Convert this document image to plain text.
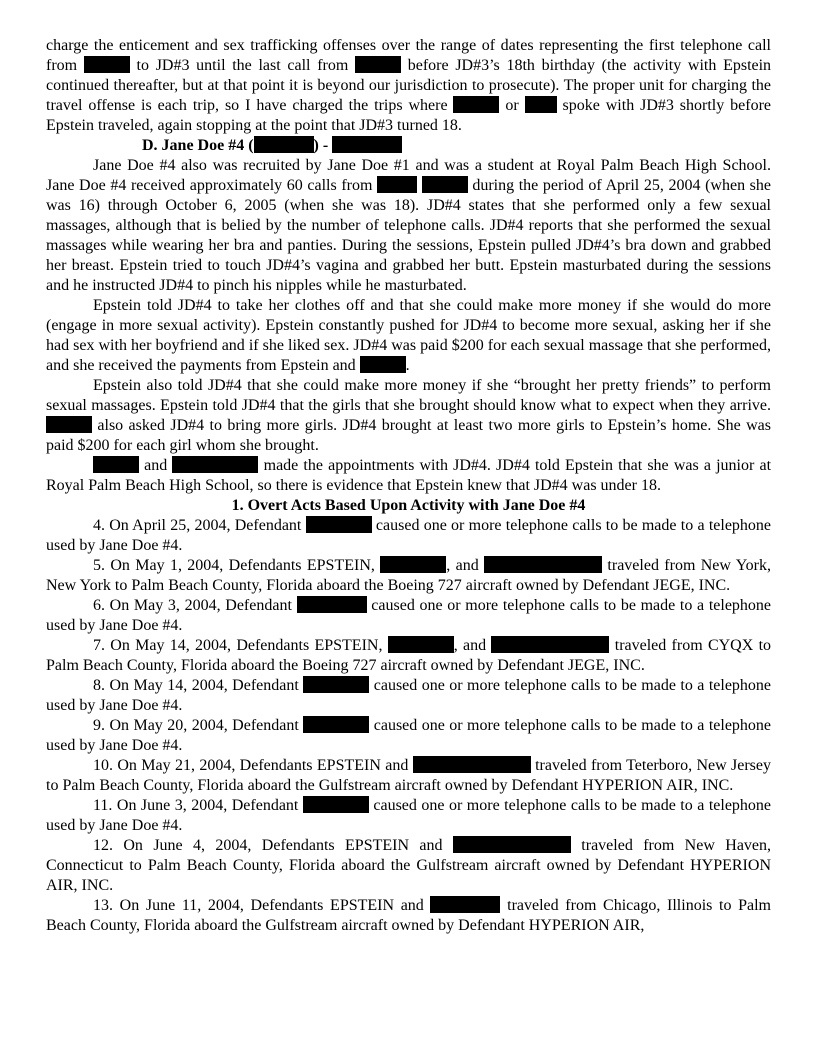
charge the enticement and sex trafficking offenses over the range of dates representing the first telephone call from	to JD#3 until the last call from	before JD#3’s 18th birthday (the activity with Epstein continued thereafter, but at that point it is beyond our jurisdiction to prosecute). The proper unit for charging the travel offense is each trip, so I have charged the trips where	or	spoke with JD#3 shortly before Epstein traveled, again stopping at the point that JD#3 turned 18.

D. Jane Doe #4 (	) -

Jane Doe #4 also was recruited by Jane Doe #1 and was a student at Royal Palm Beach High School. Jane Doe #4 received approximately 60 calls from	during the period of April 25, 2004 (when she was 16) through October 6, 2005 (when she was 18). JD#4 states that she performed only a few sexual massages, although that is belied by the number of telephone calls. JD#4 reports that she performed the sexual massages while wearing her bra and panties. During the sessions, Epstein pulled JD#4’s bra down and grabbed her breast. Epstein tried to touch JD#4’s vagina and grabbed her butt. Epstein masturbated during the sessions and he instructed JD#4 to pinch his nipples while he masturbated.

Epstein told JD#4 to take her clothes off and that she could make more money if she would do more (engage in more sexual activity). Epstein constantly pushed for JD#4 to become more sexual, asking her if she had sex with her boyfriend and if she liked sex. JD#4 was paid $200 for each sexual massage that she performed, and she received the payments from Epstein and	.

Epstein also told JD#4 that she could make more money if she “brought her pretty friends” to perform sexual massages. Epstein told JD#4 that the girls that she brought should know what to expect when they arrive.  also asked JD#4 to bring more girls. JD#4 brought at least two more girls to Epstein’s home. She was paid $200 for each girl whom she brought.

and	made the appointments with JD#4. JD#4 told Epstein that she was a junior at Royal Palm Beach High School, so there is evidence that Epstein knew that JD#4 was under 18.

1. Overt Acts Based Upon Activity with Jane Doe #4

4. On April 25, 2004, Defendant	caused one or more telephone calls to be made to a telephone used by Jane Doe #4.

5. On May 1, 2004, Defendants EPSTEIN,	, and	traveled from New York, New York to Palm Beach County, Florida aboard the Boeing 727 aircraft owned by Defendant JEGE, INC.

6. On May 3, 2004, Defendant	caused one or more telephone calls to be made to a telephone used by Jane Doe #4.

7. On May 14, 2004, Defendants EPSTEIN,	, and	traveled from CYQX to Palm Beach County, Florida aboard the Boeing 727 aircraft owned by Defendant JEGE, INC.

8. On May 14, 2004, Defendant	caused one or more telephone calls to be made to a telephone used by Jane Doe #4.

9. On May 20, 2004, Defendant	caused one or more telephone calls to be made to a telephone used by Jane Doe #4.

10. On May 21, 2004, Defendants EPSTEIN and	traveled from Teterboro, New Jersey to Palm Beach County, Florida aboard the Gulfstream aircraft owned by Defendant HYPERION AIR, INC.

11. On June 3, 2004, Defendant	caused one or more telephone calls to be made to a telephone used by Jane Doe #4.

12. On June 4, 2004, Defendants EPSTEIN and	traveled from New Haven, Connecticut to Palm Beach County, Florida aboard the Gulfstream aircraft owned by Defendant HYPERION AIR, INC.

13. On June 11, 2004, Defendants EPSTEIN and	traveled from Chicago, Illinois to Palm Beach County, Florida aboard the Gulfstream aircraft owned by Defendant HYPERION AIR,
